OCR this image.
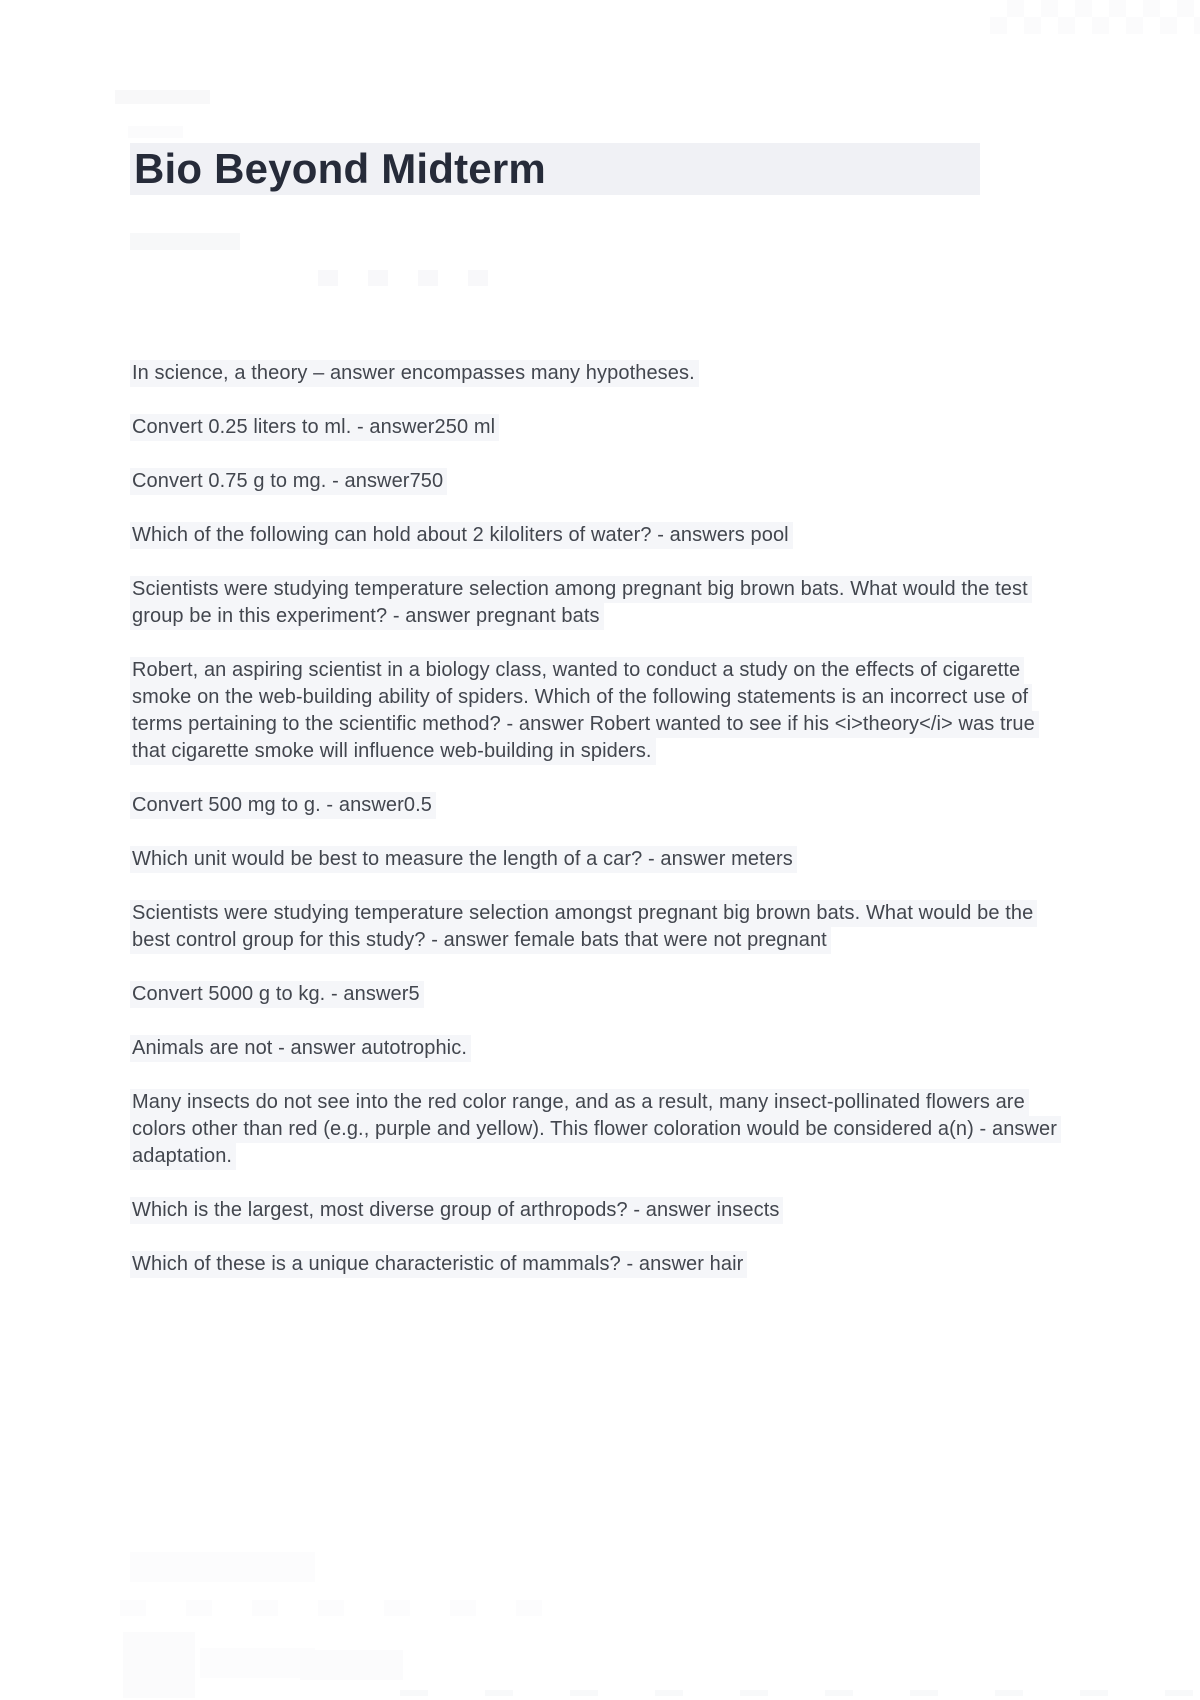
Bio Beyond Midterm

In science, a theory – answer encompasses many hypotheses.

Convert 0.25 liters to ml. - answer250 ml

Convert 0.75 g to mg. - answer750

Which of the following can hold about 2 kiloliters of water? - answers pool

Scientists were studying temperature selection among pregnant big brown bats. What would the test group be in this experiment? - answer pregnant bats

Robert, an aspiring scientist in a biology class, wanted to conduct a study on the effects of cigarette smoke on the web-building ability of spiders. Which of the following statements is an incorrect use of terms pertaining to the scientific method? - answer Robert wanted to see if his <i>theory</i> was true that cigarette smoke will influence web-building in spiders.

Convert 500 mg to g. - answer0.5

Which unit would be best to measure the length of a car? - answer meters

Scientists were studying temperature selection amongst pregnant big brown bats. What would be the best control group for this study? - answer female bats that were not pregnant

Convert 5000 g to kg. - answer5

Animals are not - answer autotrophic.

Many insects do not see into the red color range, and as a result, many insect-pollinated flowers are colors other than red (e.g., purple and yellow). This flower coloration would be considered a(n) - answer adaptation.

Which is the largest, most diverse group of arthropods? - answer insects

Which of these is a unique characteristic of mammals? - answer hair
